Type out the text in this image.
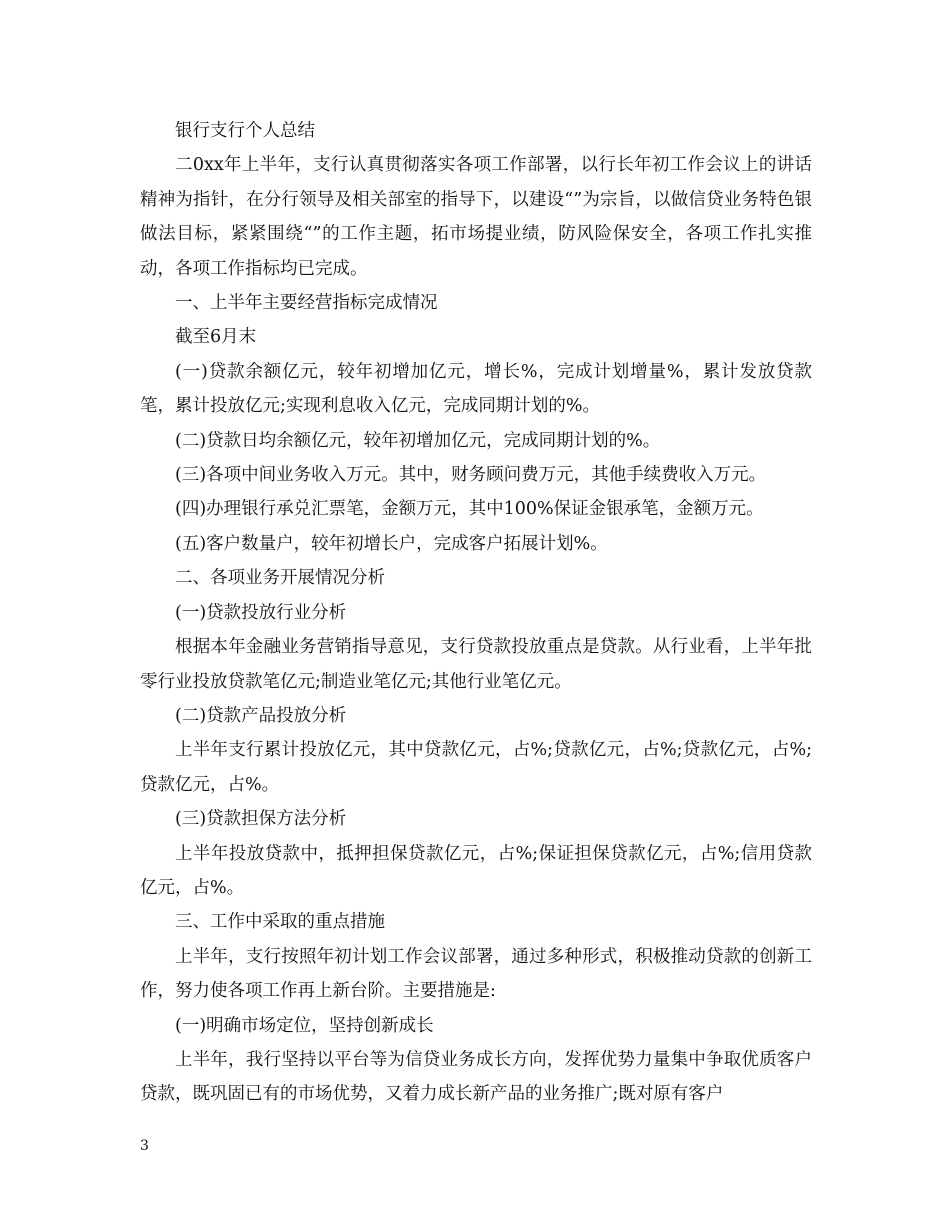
银行支行个人总结

二0xx年上半年，支行认真贯彻落实各项工作部署，以行长年初工作会议上的讲话精神为指针，在分行领导及相关部室的指导下，以建设“”为宗旨，以做信贷业务特色银做法目标，紧紧围绕“”的工作主题，拓市场提业绩，防风险保安全，各项工作扎实推动，各项工作指标均已完成。

一、上半年主要经营指标完成情况

截至6月末

(一)贷款余额亿元，较年初增加亿元，增长%，完成计划增量%，累计发放贷款笔，累计投放亿元;实现利息收入亿元，完成同期计划的%。

(二)贷款日均余额亿元，较年初增加亿元，完成同期计划的%。

(三)各项中间业务收入万元。其中，财务顾问费万元，其他手续费收入万元。

(四)办理银行承兑汇票笔，金额万元，其中100%保证金银承笔，金额万元。

(五)客户数量户，较年初增长户，完成客户拓展计划%。

二、各项业务开展情况分析

(一)贷款投放行业分析

根据本年金融业务营销指导意见，支行贷款投放重点是贷款。从行业看，上半年批零行业投放贷款笔亿元;制造业笔亿元;其他行业笔亿元。

(二)贷款产品投放分析

上半年支行累计投放亿元，其中贷款亿元，占%;贷款亿元，占%;贷款亿元，占%;贷款亿元，占%。

(三)贷款担保方法分析

上半年投放贷款中，抵押担保贷款亿元，占%;保证担保贷款亿元，占%;信用贷款亿元，占%。

三、工作中采取的重点措施

上半年，支行按照年初计划工作会议部署，通过多种形式，积极推动贷款的创新工作，努力使各项工作再上新台阶。主要措施是:

(一)明确市场定位，坚持创新成长

上半年，我行坚持以平台等为信贷业务成长方向，发挥优势力量集中争取优质客户贷款，既巩固已有的市场优势，又着力成长新产品的业务推广;既对原有客户

3
